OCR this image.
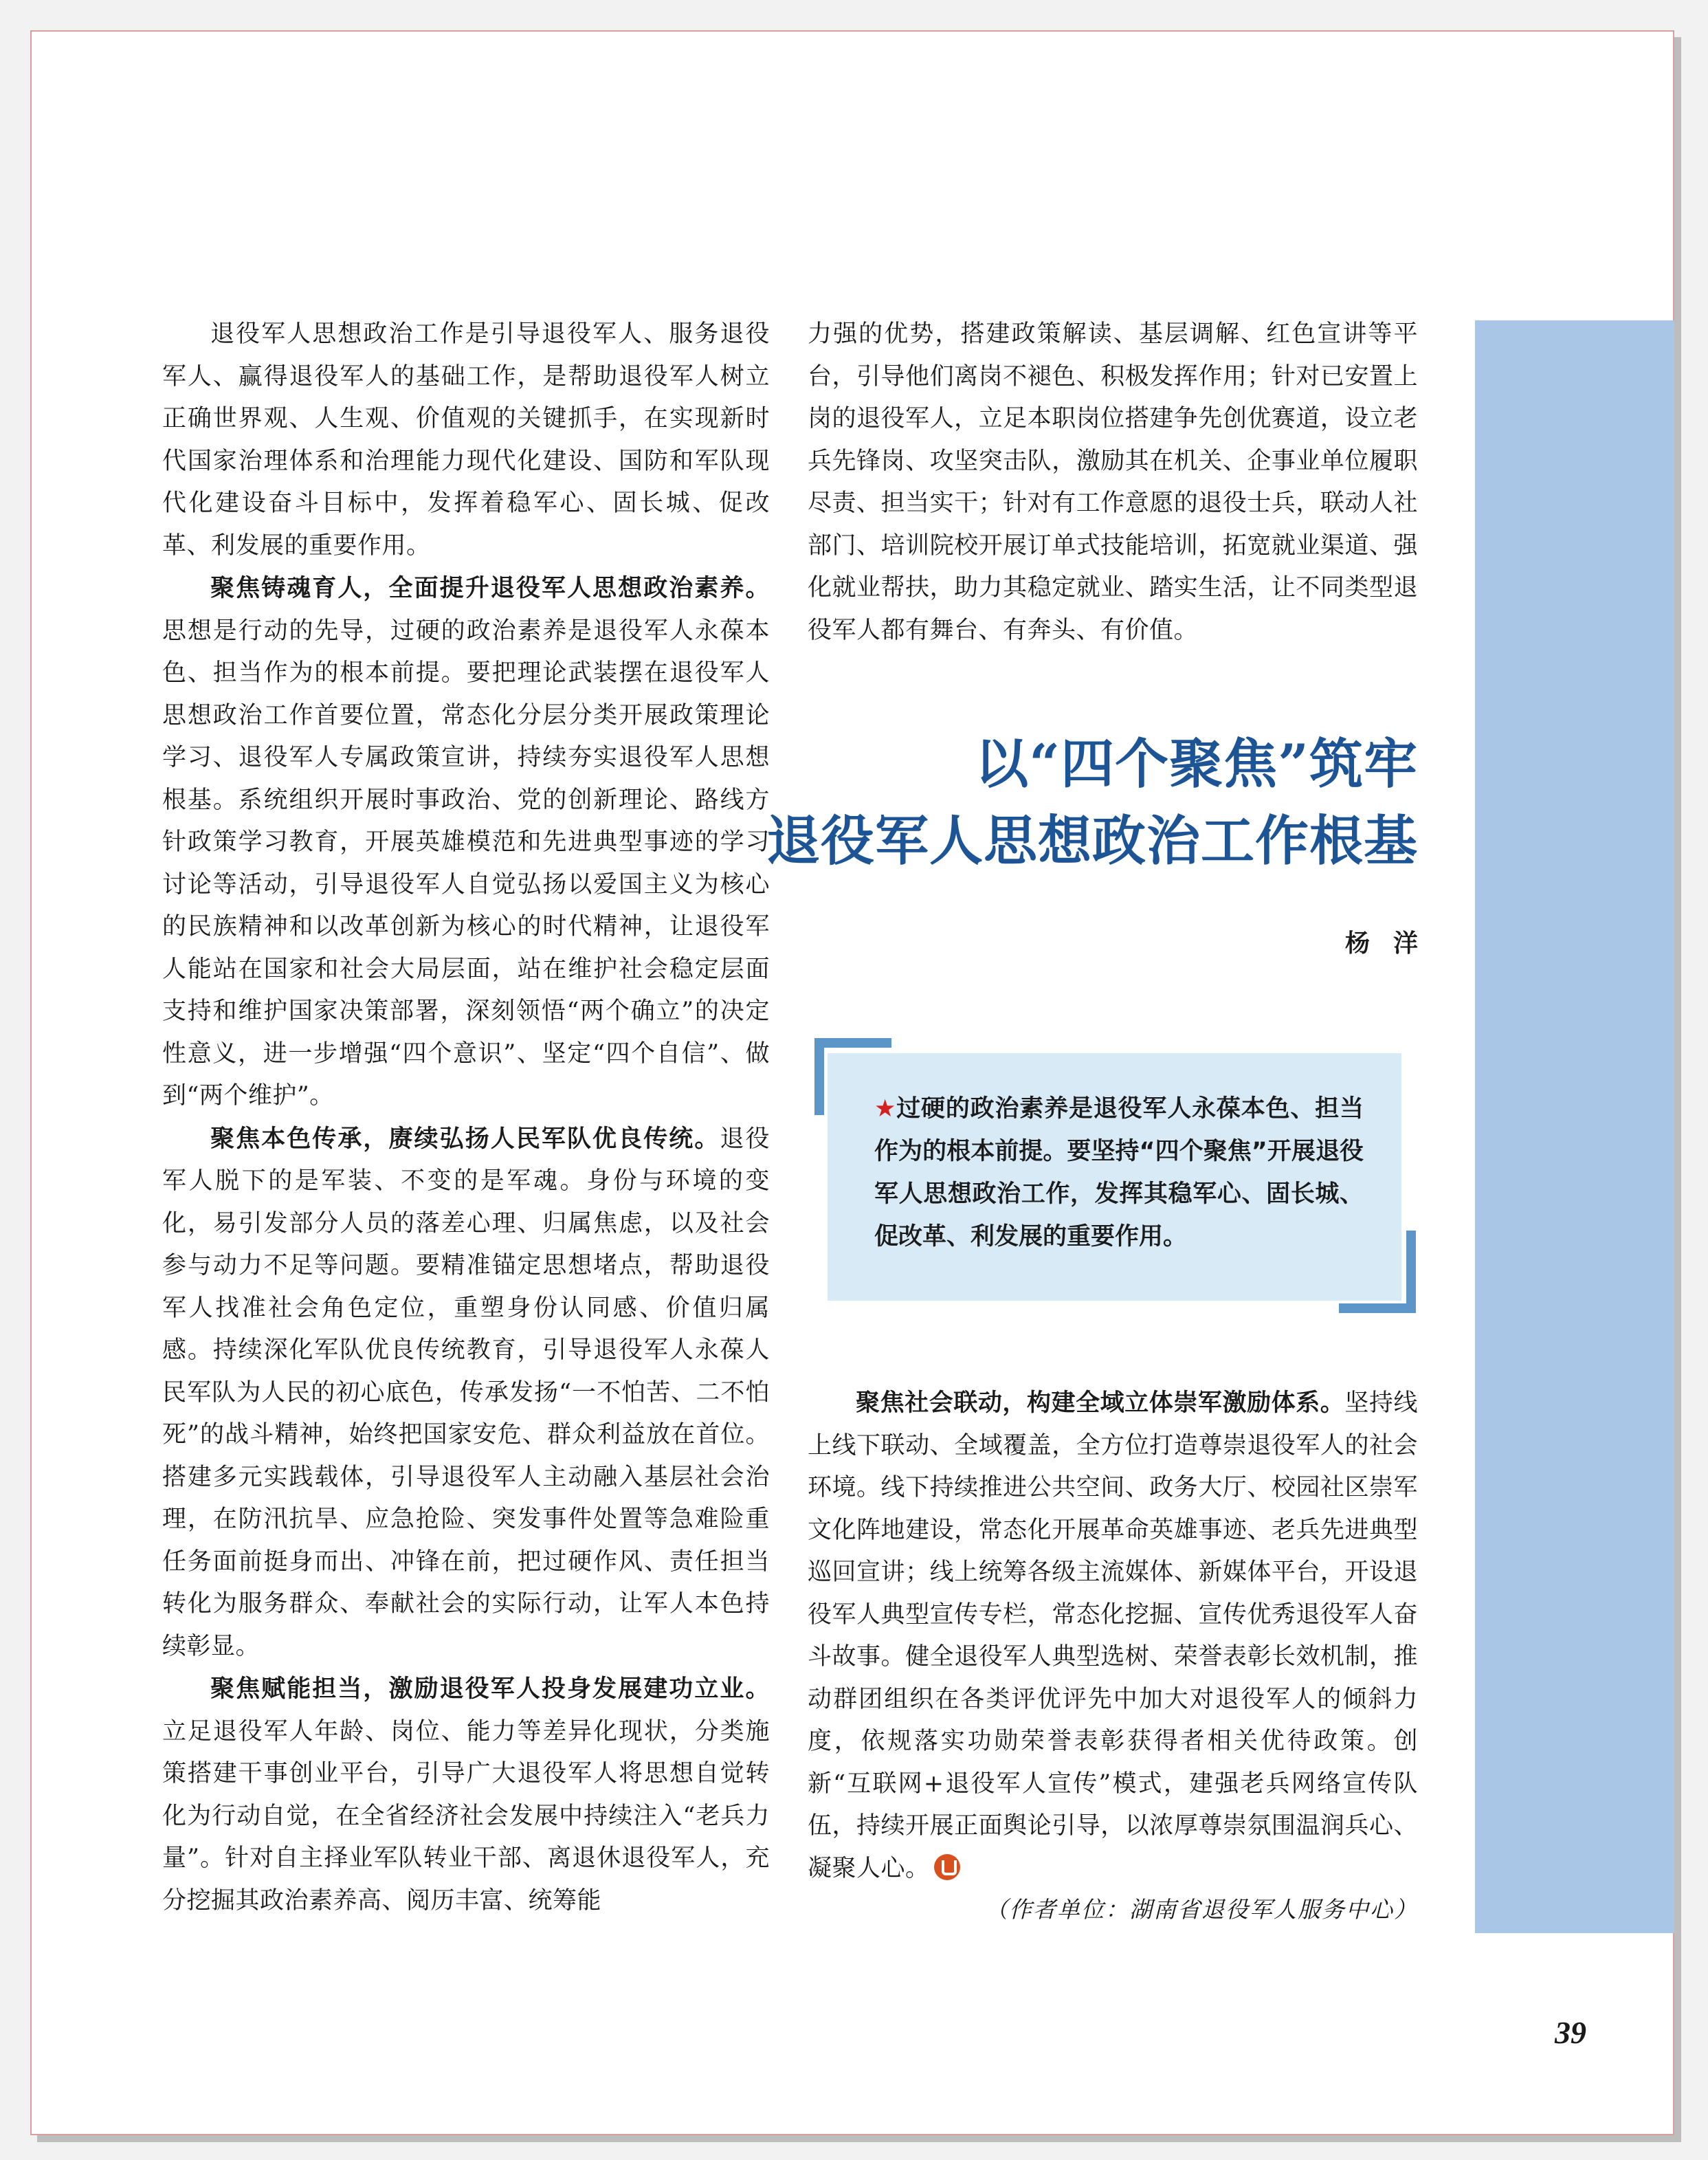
退役军人思想政治工作是引导退役军人、服务退役军人、赢得退役军人的基础工作，是帮助退役军人树立正确世界观、人生观、价值观的关键抓手，在实现新时代国家治理体系和治理能力现代化建设、国防和军队现代化建设奋斗目标中，发挥着稳军心、固长城、促改革、利发展的重要作用。

聚焦铸魂育人，全面提升退役军人思想政治素养。思想是行动的先导，过硬的政治素养是退役军人永葆本色、担当作为的根本前提。要把理论武装摆在退役军人思想政治工作首要位置，常态化分层分类开展政策理论学习、退役军人专属政策宣讲，持续夯实退役军人思想根基。系统组织开展时事政治、党的创新理论、路线方针政策学习教育，开展英雄模范和先进典型事迹的学习讨论等活动，引导退役军人自觉弘扬以爱国主义为核心的民族精神和以改革创新为核心的时代精神，让退役军人能站在国家和社会大局层面，站在维护社会稳定层面支持和维护国家决策部署，深刻领悟“两个确立”的决定性意义，进一步增强“四个意识”、坚定“四个自信”、做到“两个维护”。

聚焦本色传承，赓续弘扬人民军队优良传统。退役军人脱下的是军装、不变的是军魂。身份与环境的变化，易引发部分人员的落差心理、归属焦虑，以及社会参与动力不足等问题。要精准锚定思想堵点，帮助退役军人找准社会角色定位，重塑身份认同感、价值归属感。持续深化军队优良传统教育，引导退役军人永葆人民军队为人民的初心底色，传承发扬“一不怕苦、二不怕死”的战斗精神，始终把国家安危、群众利益放在首位。搭建多元实践载体，引导退役军人主动融入基层社会治理，在防汛抗旱、应急抢险、突发事件处置等急难险重任务面前挺身而出、冲锋在前，把过硬作风、责任担当转化为服务群众、奉献社会的实际行动，让军人本色持续彰显。

聚焦赋能担当，激励退役军人投身发展建功立业。立足退役军人年龄、岗位、能力等差异化现状，分类施策搭建干事创业平台，引导广大退役军人将思想自觉转化为行动自觉，在全省经济社会发展中持续注入“老兵力量”。针对自主择业军队转业干部、离退休退役军人，充分挖掘其政治素养高、阅历丰富、统筹能

力强的优势，搭建政策解读、基层调解、红色宣讲等平台，引导他们离岗不褪色、积极发挥作用；针对已安置上岗的退役军人，立足本职岗位搭建争先创优赛道，设立老兵先锋岗、攻坚突击队，激励其在机关、企事业单位履职尽责、担当实干；针对有工作意愿的退役士兵，联动人社部门、培训院校开展订单式技能培训，拓宽就业渠道、强化就业帮扶，助力其稳定就业、踏实生活，让不同类型退役军人都有舞台、有奔头、有价值。

以“四个聚焦”筑牢
退役军人思想政治工作根基
杨洋
★过硬的政治素养是退役军人永葆本色、担当作为的根本前提。要坚持“四个聚焦”开展退役军人思想政治工作，发挥其稳军心、固长城、促改革、利发展的重要作用。

聚焦社会联动，构建全域立体崇军激励体系。坚持线上线下联动、全域覆盖，全方位打造尊崇退役军人的社会环境。线下持续推进公共空间、政务大厅、校园社区崇军文化阵地建设，常态化开展革命英雄事迹、老兵先进典型巡回宣讲；线上统筹各级主流媒体、新媒体平台，开设退役军人典型宣传专栏，常态化挖掘、宣传优秀退役军人奋斗故事。健全退役军人典型选树、荣誉表彰长效机制，推动群团组织在各类评优评先中加大对退役军人的倾斜力度，依规落实功勋荣誉表彰获得者相关优待政策。创新“互联网+退役军人宣传”模式，建强老兵网络宣传队伍，持续开展正面舆论引导，以浓厚尊崇氛围温润兵心、凝聚人心。

（作者单位：湖南省退役军人服务中心）
39
